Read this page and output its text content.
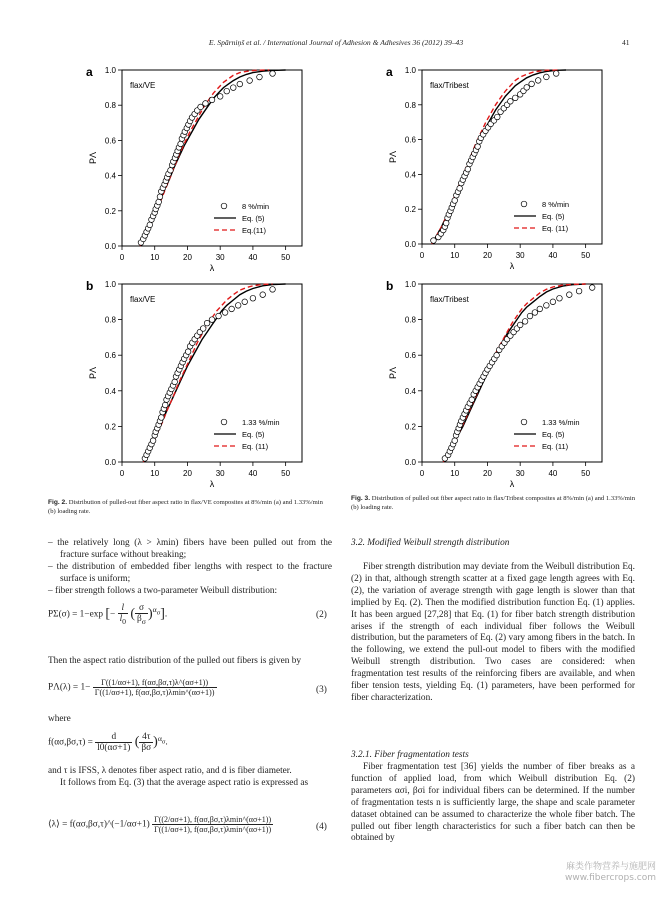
E. Spārniņš et al. / International Journal of Adhesion & Adhesives 36 (2012) 39–43	41
a
0	10	20	30	40	50
0.0
0.2
0.4
0.6
0.8
1.0
λ
PΛ
flax/VE
8 %/min
Eq. (5)
Eq.(11)
b
0	10	20	30	40	50
0.0
0.2
0.4
0.6
0.8
1.0
λ
PΛ
flax/VE
1.33 %/min
Eq. (5)
Eq. (11)
a
0	10	20	30	40	50
0.0
0.2
0.4
0.6
0.8
1.0
λ
PΛ
flax/Tribest
8 %/min
Eq. (5)
Eq. (11)
b
0	10	20	30	40	50
0.0
0.2
0.4
0.6
0.8
1.0
λ
PΛ
flax/Tribest
1.33 %/min
Eq. (5)
Eq. (11)
Fig. 2. Distribution of pulled-out fiber aspect ratio in flax/VE composites at 8%/min (a) and 1.33%/min (b) loading rate.
Fig. 3. Distribution of pulled out fiber aspect ratio in flax/Tribest composites at 8%/min (a) and 1.33%/min (b) loading rate.
– the relatively long (λ > λmin) fibers have been pulled out from the fracture surface without breaking;
– the distribution of embedded fiber lengths with respect to the fracture surface is uniform;
– fiber strength follows a two-parameter Weibull distribution:
PΣ(σ) = 1−exp [− $\frac{l}{l_0}$ ( $\frac{\sigma}{\beta_\sigma} )^{\alpha_\sigma}$].	(2)
Then the aspect ratio distribution of the pulled out fibers is given by
$P\Lambda(\lambda) = 1- \frac{\Gamma((1/\alpha\sigma+1), f(\alpha\sigma,\beta\sigma,\tau)\lambda\^{}(\alpha\sigma+1))}{\Gamma((1/\alpha\sigma+1), f(\alpha\sigma,\beta\sigma,\tau)\lambda\min\^{}(\alpha\sigma+1))}$	(3)
where
$f(\alpha\sigma,\beta\sigma,\tau) = \frac{d}{l0(\alpha\sigma+1)}$ ( $\frac{4\tau}{\beta\sigma} )^{\alpha_\sigma}$.
and τ is IFSS, λ denotes fiber aspect ratio, and d is fiber diameter.
It follows from Eq. (3) that the average aspect ratio is expressed as
⟨λ⟩ = f(ασ,βσ,τ)^(−1/ασ+1) $\frac{\Gamma((2/\alpha\sigma+1), f(\alpha\sigma,\beta\sigma,\tau)\lambda\min\^{}(\alpha\sigma+1))}{\Gamma((1/\alpha\sigma+1), f(\alpha\sigma,\beta\sigma,\tau)\lambda\min\^{}(\alpha\sigma+1))}$	(4)
3.2. Modified Weibull strength distribution
Fiber strength distribution may deviate from the Weibull distribution Eq. (2) in that, although strength scatter at a fixed gage length agrees with Eq. (2), the variation of average strength with gage length is slower than that implied by Eq. (2). Then the modified distribution function Eq. (1) applies. It has been argued [27,28] that Eq. (1) for fiber batch strength distribution arises if the strength of each individual fiber follows the Weibull distribution, but the parameters of Eq. (2) vary among fibers in the batch. In the following, we extend the pull-out model to fibers with the modified Weibull strength distribution. Two cases are considered: when fragmentation test results of the reinforcing fibers are available, and when fiber tension tests, yielding Eq. (1) parameters, have been performed for fiber characterization.
3.2.1. Fiber fragmentation tests
Fiber fragmentation test [36] yields the number of fiber breaks as a function of applied load, from which Weibull distribution Eq. (2) parameters ασi, βσi for individual fibers can be determined. If the number of fragmentation tests n is sufficiently large, the shape and scale parameter dataset obtained can be assumed to characterize the whole fiber batch. The pulled out fiber length characteristics for such a fiber batch can then be obtained by
麻类作物营养与施肥网
www.fibercrops.com
